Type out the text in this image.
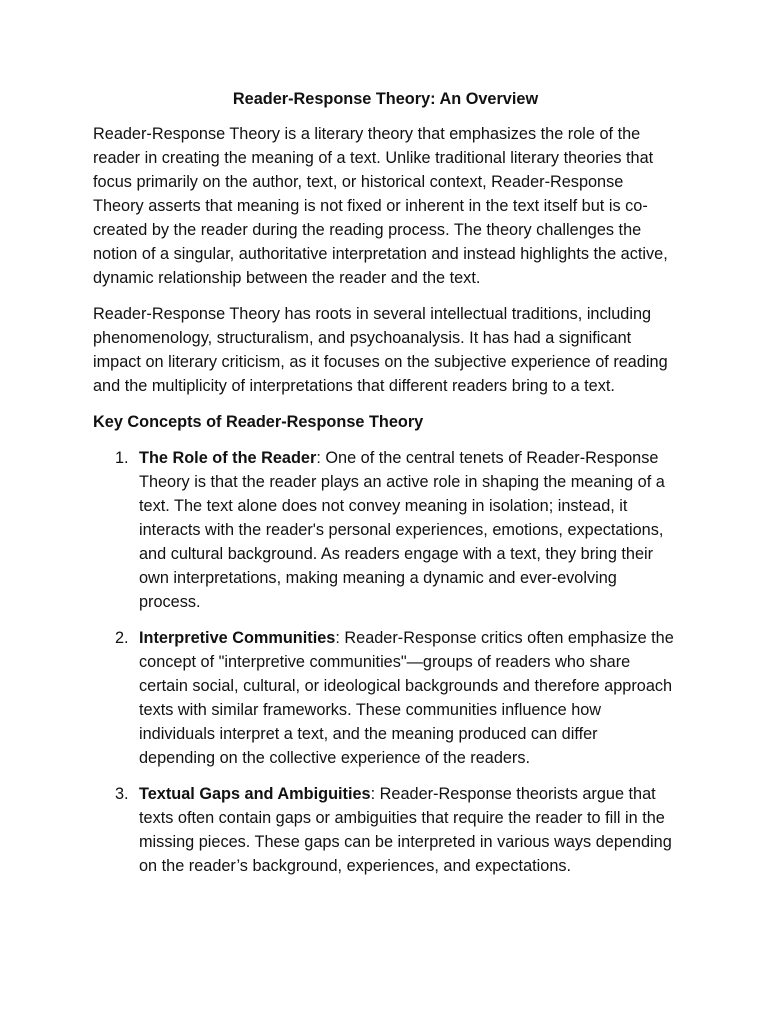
Reader-Response Theory: An Overview

Reader-Response Theory is a literary theory that emphasizes the role of the reader in creating the meaning of a text. Unlike traditional literary theories that focus primarily on the author, text, or historical context, Reader-Response Theory asserts that meaning is not fixed or inherent in the text itself but is co-created by the reader during the reading process. The theory challenges the notion of a singular, authoritative interpretation and instead highlights the active, dynamic relationship between the reader and the text.

Reader-Response Theory has roots in several intellectual traditions, including phenomenology, structuralism, and psychoanalysis. It has had a significant impact on literary criticism, as it focuses on the subjective experience of reading and the multiplicity of interpretations that different readers bring to a text.

Key Concepts of Reader-Response Theory

1. The Role of the Reader: One of the central tenets of Reader-Response Theory is that the reader plays an active role in shaping the meaning of a text. The text alone does not convey meaning in isolation; instead, it interacts with the reader's personal experiences, emotions, expectations, and cultural background. As readers engage with a text, they bring their own interpretations, making meaning a dynamic and ever-evolving process.
2. Interpretive Communities: Reader-Response critics often emphasize the concept of "interpretive communities"—groups of readers who share certain social, cultural, or ideological backgrounds and therefore approach texts with similar frameworks. These communities influence how individuals interpret a text, and the meaning produced can differ depending on the collective experience of the readers.
3. Textual Gaps and Ambiguities: Reader-Response theorists argue that texts often contain gaps or ambiguities that require the reader to fill in the missing pieces. These gaps can be interpreted in various ways depending on the reader’s background, experiences, and expectations.
